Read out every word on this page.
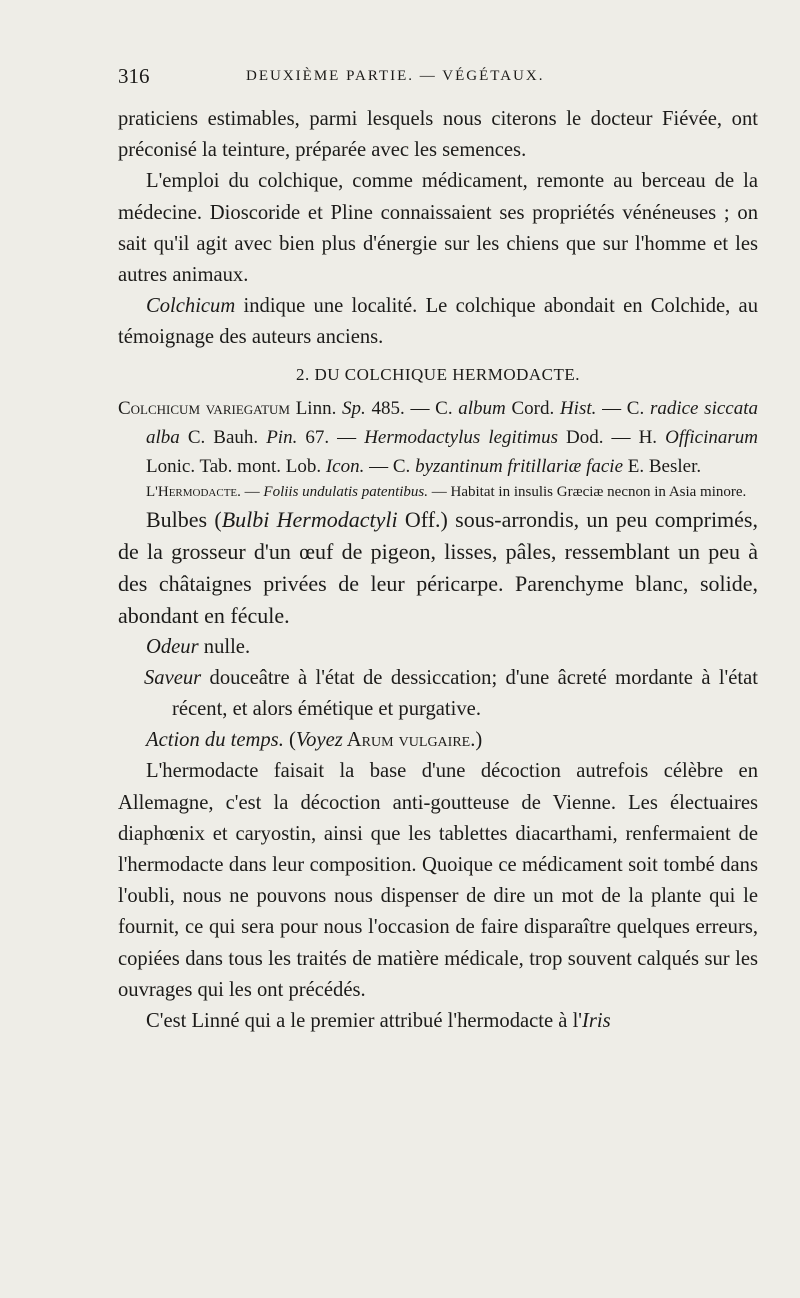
316	DEUXIÈME PARTIE. — VÉGÉTAUX.

praticiens estimables, parmi lesquels nous citerons le docteur Fiévée, ont préconisé la teinture, préparée avec les semences.

L'emploi du colchique, comme médicament, remonte au berceau de la médecine. Dioscoride et Pline connaissaient ses propriétés vénéneuses ; on sait qu'il agit avec bien plus d'énergie sur les chiens que sur l'homme et les autres animaux.

Colchicum indique une localité. Le colchique abondait en Colchide, au témoignage des auteurs anciens.

2. DU COLCHIQUE HERMODACTE.

Colchicum variegatum Linn. Sp. 485. — C. album Cord. Hist. — C. radice siccata alba C. Bauh. Pin. 67. — Hermodactylus legitimus Dod. — H. Officinarum Lonic. Tab. mont. Lob. Icon. — C. byzantinum fritillariæ facie E. Besler.

L'Hermodacte. — Foliis undulatis patentibus. — Habitat in insulis Græciæ necnon in Asia minore.

Bulbes (Bulbi Hermodactyli Off.) sous-arrondis, un peu comprimés, de la grosseur d'un œuf de pigeon, lisses, pâles, ressemblant un peu à des châtaignes privées de leur péricarpe. Parenchyme blanc, solide, abondant en fécule.

Odeur nulle.

Saveur douceâtre à l'état de dessiccation; d'une âcreté mordante à l'état récent, et alors émétique et purgative.

Action du temps. (Voyez Arum vulgaire.)

L'hermodacte faisait la base d'une décoction autrefois célèbre en Allemagne, c'est la décoction anti-goutteuse de Vienne. Les électuaires diaphœnix et caryostin, ainsi que les tablettes diacarthami, renfermaient de l'hermodacte dans leur composition. Quoique ce médicament soit tombé dans l'oubli, nous ne pouvons nous dispenser de dire un mot de la plante qui le fournit, ce qui sera pour nous l'occasion de faire disparaître quelques erreurs, copiées dans tous les traités de matière médicale, trop souvent calqués sur les ouvrages qui les ont précédés.

C'est Linné qui a le premier attribué l'hermodacte à l'Iris
